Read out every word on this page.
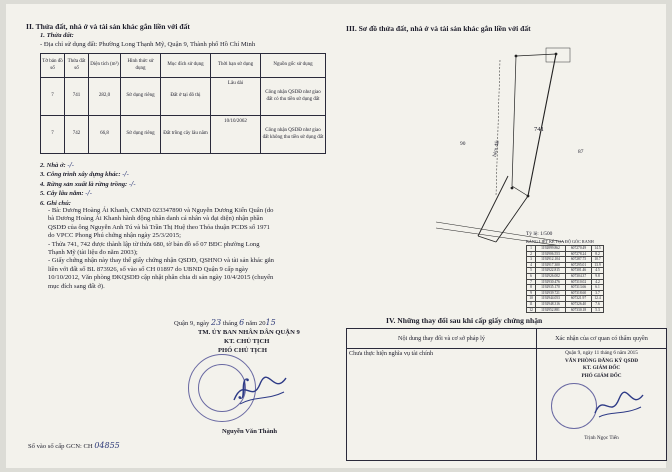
II. Thửa đất, nhà ở và tài sản khác gắn liền với đất
1. Thửa đất:
- Địa chỉ sử dụng đất: Phường Long Thạnh Mỹ, Quận 9, Thành phố Hồ Chí Minh
Tờ bản đồ số	Thửa đất số	Diện tích (m²)	Hình thức sử dụng	Mục đích sử dụng	Thời hạn sử dụng	Nguồn gốc sử dụng
7	741	282,0	Sử dụng riêng	Đất ở tại đô thị	Lâu dài	Công nhận QSDĐ như giao đất có thu tiền sử dụng đất
7	742	66,8	Sử dụng riêng	Đất trồng cây lâu năm	10/10/2062	Công nhận QSDĐ như giao đất không thu tiền sử dụng đất
2. Nhà ở: -/-
3. Công trình xây dựng khác: -/-
4. Rừng sản xuất là rừng trồng: -/-
5. Cây lâu năm: -/-
6. Ghi chú:
- Bà: Dương Hoàng Ái Khanh, CMND 023347890 và Nguyễn Dương Kiến Quân (do
bà Dương Hoàng Ái Khanh hành động nhân danh cá nhân và đại diện) nhận phần
QSDĐ của ông Nguyễn Anh Tú và bà Trần Thị Huệ theo Thỏa thuận PCDS số 1971
do VPCC Phong Phú chứng nhận ngày 25/3/2015;
- Thửa 741, 742 được thành lập từ thửa 680, tờ bản đồ số 07 BĐC phường Long
Thạnh Mỹ (tài liệu đo năm 2003);
- Giấy chứng nhận này thay thế giấy chứng nhận QSDĐ, QSHNO và tài sản khác gắn
liền với đất số BL 873926, số vào sổ CH 01897 do UBND Quận 9 cấp ngày
10/10/2012, Văn phòng ĐKQSDĐ cập nhật phân chia di sản ngày 10/4/2015 (chuyển
mục đích sang đất ở).
Quận 9, ngày 23 tháng 6 năm 2015
TM. ỦY BAN NHÂN DÂN QUẬN 9
KT. CHỦ TỊCH
PHÓ CHỦ TỊCH
∫
Nguyễn Văn Thành
Số vào sổ cấp GCN: CH 04855
III. Sơ đồ thửa đất, nhà ở và tài sản khác gắn liền với đất
741
90
87
hẻm đất
Tỷ lệ: 1/500
BẢNG LIỆT KÊ TỌA ĐỘ GÓC RANH
1	1192899.862	607270.49	14.5
2	1192906.553	607278.24	8.2
3	1192912.104	607287.75	10.7
4	1192917.300	607295.01	13.9
5	1192922.815	607301.46	4.5
6	1192926.002	607304.37	9.8
7	1192930.476	607310.02	4.2
8	1192935.170	607313.66	6.1
9	1192939.721	607318.60	3.7
10	1192944.053	607321.97	12.4
11	1192948.316	607326.40	7.6
12	1192952.881	607330.18	5.3
IV. Những thay đổi sau khi cấp giấy chứng nhận
Nội dung thay đổi và cơ sở pháp lý	Xác nhận của cơ quan có thẩm quyền
Chưa thực hiện nghĩa vụ tài chính	Quận 9, ngày 11 tháng 6 năm 2015
VĂN PHÒNG ĐĂNG KÝ QSDĐ
KT. GIÁM ĐỐC
PHÓ GIÁM ĐỐC
Trịnh Ngọc Tiến
